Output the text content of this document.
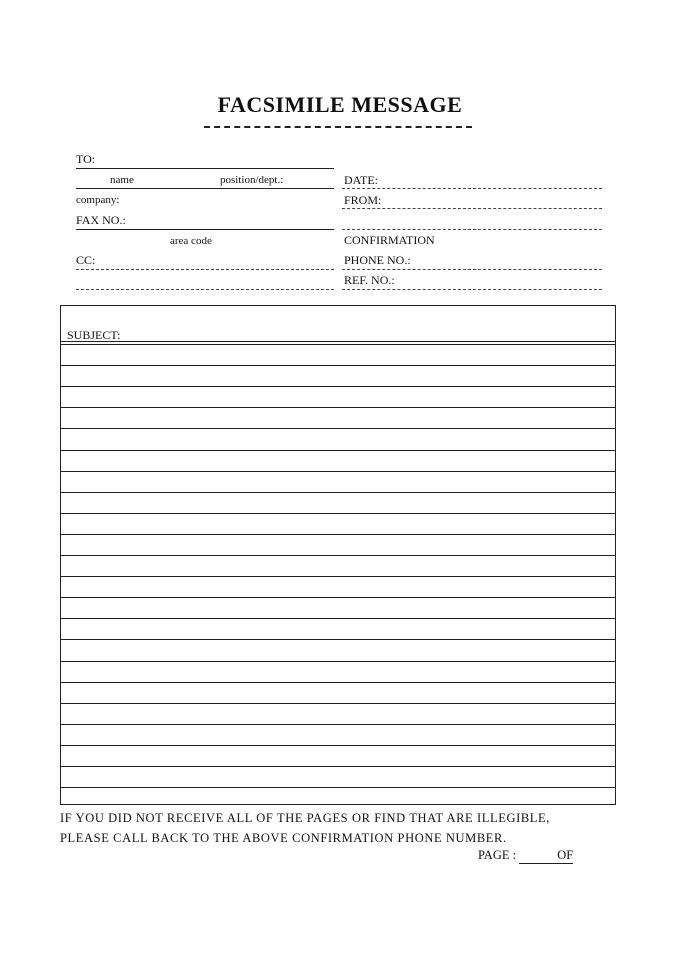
FACSIMILE MESSAGE
TO:
name	position/dept.:
company:
FAX NO.:
area code
CC:
DATE:
FROM:
CONFIRMATION
PHONE NO.:
REF. NO.:
SUBJECT:
IF YOU DID NOT RECEIVE ALL OF THE PAGES OR FIND THAT ARE ILLEGIBLE,
PLEASE CALL BACK TO THE ABOVE CONFIRMATION PHONE NUMBER.
PAGE :	OF
